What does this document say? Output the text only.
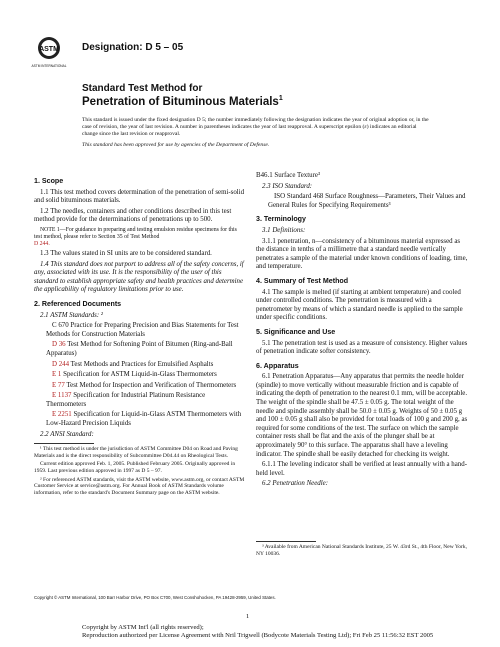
ASTM
ASTM INTERNATIONAL
Designation: D 5 – 05
Standard Test Method for
Penetration of Bituminous Materials$^1$

This standard is issued under the fixed designation D 5; the number immediately following the designation indicates the year of original adoption or, in the case of revision, the year of last revision. A number in parentheses indicates the year of last reapproval. A superscript epsilon (ε) indicates an editorial change since the last revision or reapproval.

This standard has been approved for use by agencies of the Department of Defense.

1. Scope

1.1 This test method covers determination of the penetration of semi-solid and solid bituminous materials.

1.2 The needles, containers and other conditions described in this test method provide for the determinations of penetrations up to 500.

NOTE 1—For guidance in preparing and testing emulsion residue specimens for this test method, please refer to Section 35 of Test Method
D 244.

1.3 The values stated in SI units are to be considered standard.

1.4 This standard does not purport to address all of the safety concerns, if any, associated with its use. It is the responsibility of the user of this standard to establish appropriate safety and health practices and determine the applicability of regulatory limitations prior to use.

2. Referenced Documents

2.1 ASTM Standards: ²

C 670 Practice for Preparing Precision and Bias Statements for Test Methods for Construction Materials

D 36 Test Method for Softening Point of Bitumen (Ring-and-Ball Apparatus)

D 244 Test Methods and Practices for Emulsified Asphalts

E 1 Specification for ASTM Liquid-in-Glass Thermometers

E 77 Test Method for Inspection and Verification of Thermometers

E 1137 Specification for Industrial Platinum Resistance Thermometers

E 2251 Specification for Liquid-in-Glass ASTM Thermometers with Low-Hazard Precision Liquids

2.2 ANSI Standard:

¹ This test method is under the jurisdiction of ASTM Committee D04 on Road and Paving Materials and is the direct responsibility of Subcommittee D04.44 on Rheological Tests.

Current edition approved Feb. 1, 2005. Published February 2005. Originally approved in 1959. Last previous edition approved in 1997 as D 5 – 97.

² For referenced ASTM standards, visit the ASTM website, www.astm.org, or contact ASTM Customer Service at service@astm.org. For Annual Book of ASTM Standards volume information, refer to the standard's Document Summary page on the ASTM website.

B46.1 Surface Texture³

2.3 ISO Standard:

ISO Standard 468 Surface Roughness—Parameters, Their Values and General Rules for Specifying Requirements³

3. Terminology

3.1 Definitions:

3.1.1 penetration, n—consistency of a bituminous material expressed as the distance in tenths of a millimetre that a standard needle vertically penetrates a sample of the material under known conditions of loading, time, and temperature.

4. Summary of Test Method

4.1 The sample is melted (if starting at ambient temperature) and cooled under controlled conditions. The penetration is measured with a penetrometer by means of which a standard needle is applied to the sample under specific conditions.

5. Significance and Use

5.1 The penetration test is used as a measure of consistency. Higher values of penetration indicate softer consistency.

6. Apparatus

6.1 Penetration Apparatus—Any apparatus that permits the needle holder (spindle) to move vertically without measurable friction and is capable of indicating the depth of penetration to the nearest 0.1 mm, will be acceptable. The weight of the spindle shall be 47.5 ± 0.05 g. The total weight of the needle and spindle assembly shall be 50.0 ± 0.05 g. Weights of 50 ± 0.05 g and 100 ± 0.05 g shall also be provided for total loads of 100 g and 200 g, as required for some conditions of the test. The surface on which the sample container rests shall be flat and the axis of the plunger shall be at approximately 90° to this surface. The apparatus shall have a leveling indicator. The spindle shall be easily detached for checking its weight.

6.1.1 The leveling indicator shall be verified at least annually with a hand-held level.

6.2 Penetration Needle:

³ Available from American National Standards Institute, 25 W. 43rd St., 4th Floor, New York, NY 10036.

Copyright © ASTM International, 100 Barr Harbor Drive, PO Box C700, West Conshohocken, PA 19428-2959, United States.
1
Copyright by ASTM Int'l (all rights reserved);
Reproduction authorized per License Agreement with Nril Trigwell (Bodycote Materials Testing Ltd); Fri Feb 25 11:56:32 EST 2005
